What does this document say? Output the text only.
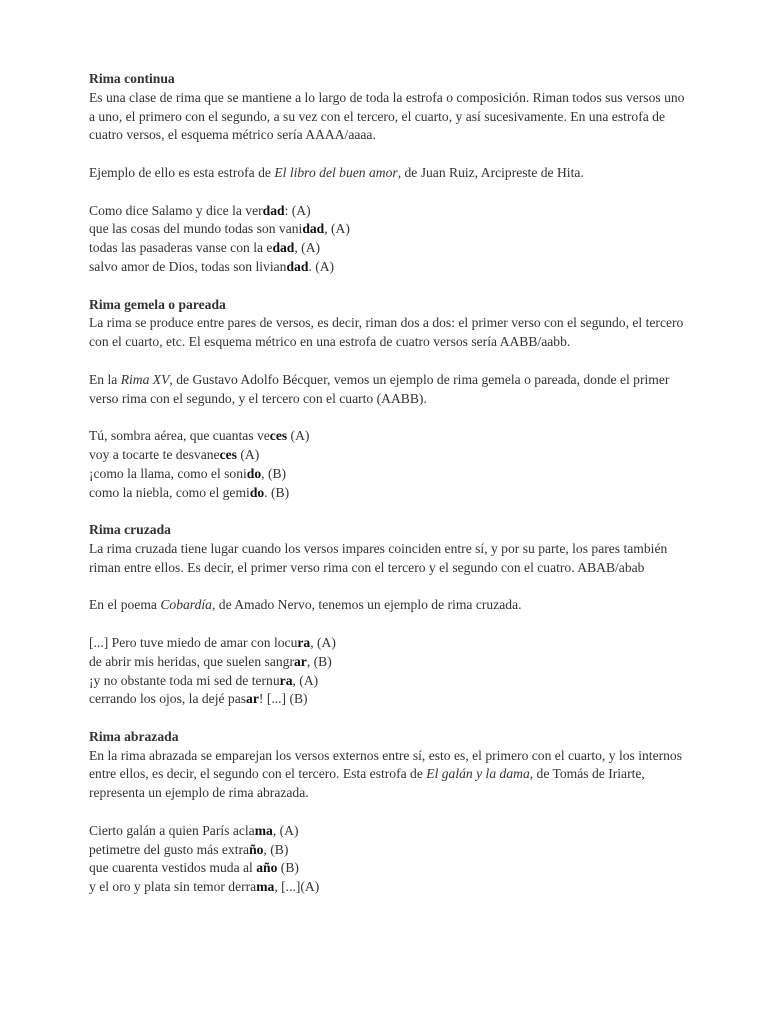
Rima continua

Es una clase de rima que se mantiene a lo largo de toda la estrofa o composición. Riman todos sus versos uno a uno, el primero con el segundo, a su vez con el tercero, el cuarto, y así sucesivamente. En una estrofa de cuatro versos, el esquema métrico sería AAAA/aaaa.

Ejemplo de ello es esta estrofa de El libro del buen amor, de Juan Ruiz, Arcipreste de Hita.

Como dice Salamo y dice la verdad: (A)

que las cosas del mundo todas son vanidad, (A)

todas las pasaderas vanse con la edad, (A)

salvo amor de Dios, todas son liviandad. (A)

Rima gemela o pareada

La rima se produce entre pares de versos, es decir, riman dos a dos: el primer verso con el segundo, el tercero con el cuarto, etc. El esquema métrico en una estrofa de cuatro versos sería AABB/aabb.

En la Rima XV, de Gustavo Adolfo Bécquer, vemos un ejemplo de rima gemela o pareada, donde el primer verso rima con el segundo, y el tercero con el cuarto (AABB).

Tú, sombra aérea, que cuantas veces (A)

voy a tocarte te desvaneces (A)

¡como la llama, como el sonido, (B)

como la niebla, como el gemido. (B)

Rima cruzada

La rima cruzada tiene lugar cuando los versos impares coinciden entre sí, y por su parte, los pares también riman entre ellos. Es decir, el primer verso rima con el tercero y el segundo con el cuatro. ABAB/abab

En el poema Cobardía, de Amado Nervo, tenemos un ejemplo de rima cruzada.

[...] Pero tuve miedo de amar con locura, (A)

de abrir mis heridas, que suelen sangrar, (B)

¡y no obstante toda mi sed de ternura, (A)

cerrando los ojos, la dejé pasar! [...] (B)

Rima abrazada

En la rima abrazada se emparejan los versos externos entre sí, esto es, el primero con el cuarto, y los internos entre ellos, es decir, el segundo con el tercero. Esta estrofa de El galán y la dama, de Tomás de Iriarte, representa un ejemplo de rima abrazada.

Cierto galán a quien París aclama, (A)

petimetre del gusto más extraño, (B)

que cuarenta vestidos muda al año (B)

y el oro y plata sin temor derrama, [...](A)
